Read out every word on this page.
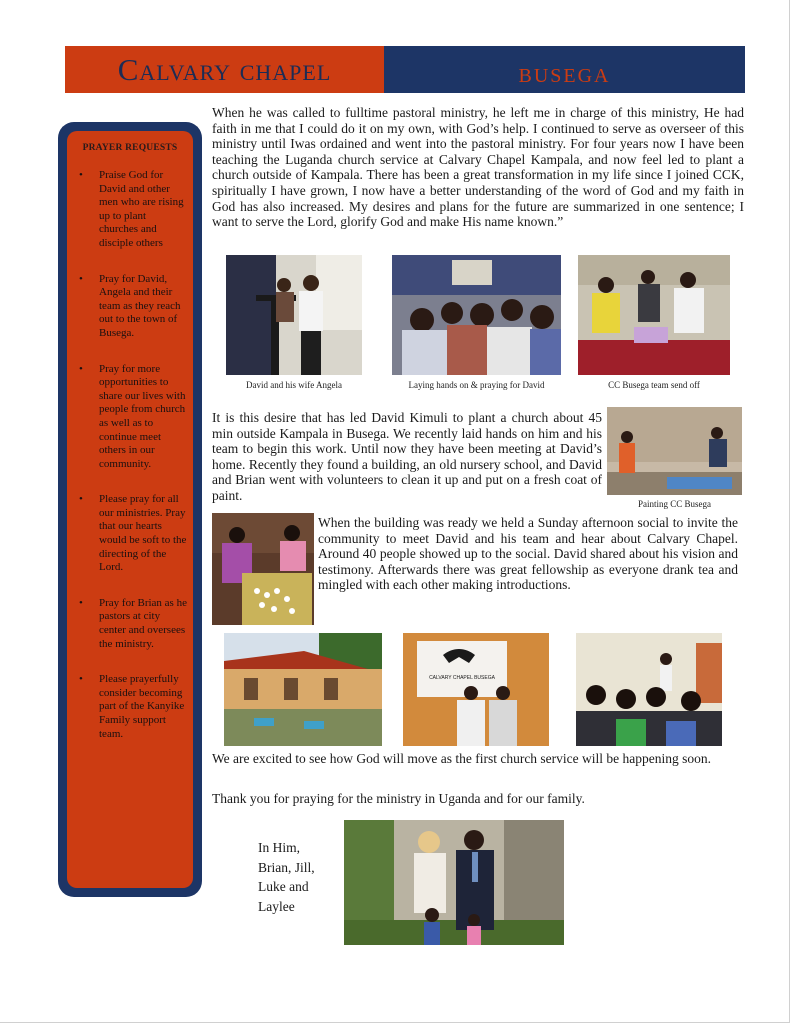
Calvary chapel	busega
PRAYER REQUESTS
• Praise God for David and other men who are rising up to plant churches and disciple others
• Pray for David, Angela and their team as they reach out to the town of Busega.
• Pray for more opportunities to share our lives with people from church as well as to continue meet others in our community.
• Please pray for all our ministries. Pray that our hearts would be soft to the directing of the Lord.
• Pray for Brian as he pastors at city center and oversees the ministry.
• Please prayerfully consider becoming part of the Kanyike Family support team.

When he was called to fulltime pastoral ministry, he left me in charge of this ministry, He had faith in me that I could do it on my own, with God’s help. I continued to serve as overseer of this ministry until Iwas ordained and went into the pastoral ministry. For four years now I have been teaching the Luganda church service at Calvary Chapel Kampala, and now feel led to plant a church outside of Kampala. There has been a great transformation in my life since I joined CCK, spiritually I have grown, I now have a better understanding of the word of God and my faith in God has also increased. My desires and plans for the future are summarized in one sentence; I want to serve the Lord, glorify God and make His name known.”

David and his wife Angela	Laying hands on & praying for David	CC Busega team send off

It is this desire that has led David Kimuli to plant a church about 45 min outside Kampala in Busega. We recently laid hands on him and his team to begin this work. Until now they have been meeting at David’s home. Recently they found a building, an old nursery school, and David and Brian went with volunteers to clean it up and put on a fresh coat of paint.

Painting CC Busega

When the building was ready we held a Sunday afternoon social to invite the community to meet David and his team and hear about Calvary Chapel. Around 40 people showed up to the social. David shared about his vision and testimony. Afterwards there was great fellowship as everyone drank tea and mingled with each other making introductions.

CALVARY CHAPEL BUSEGA

We are excited to see how God will move as the first church service will be happening soon.

Thank you for praying for the ministry in Uganda and for our family.

In Him,
Brian, Jill,
Luke and
Laylee
